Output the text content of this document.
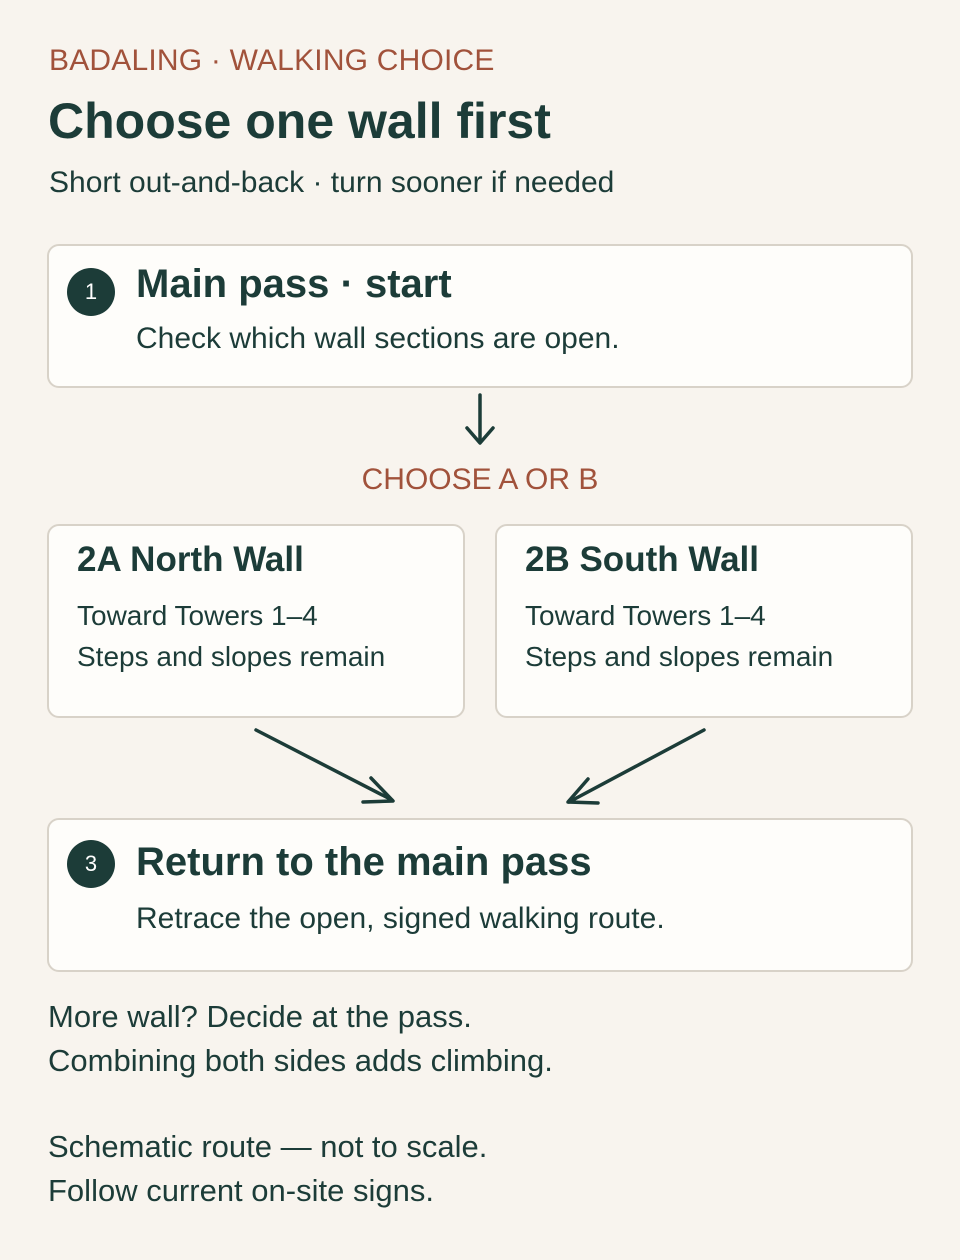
BADALING · WALKING CHOICE
Choose one wall first
Short out-and-back · turn sooner if needed
1 Main pass · start
Check which wall sections are open.
CHOOSE A OR B
2A North Wall
Toward Towers 1–4
Steps and slopes remain
2B South Wall
Toward Towers 1–4
Steps and slopes remain
3 Return to the main pass
Retrace the open, signed walking route.
More wall? Decide at the pass.
Combining both sides adds climbing.
Schematic route — not to scale.
Follow current on-site signs.
